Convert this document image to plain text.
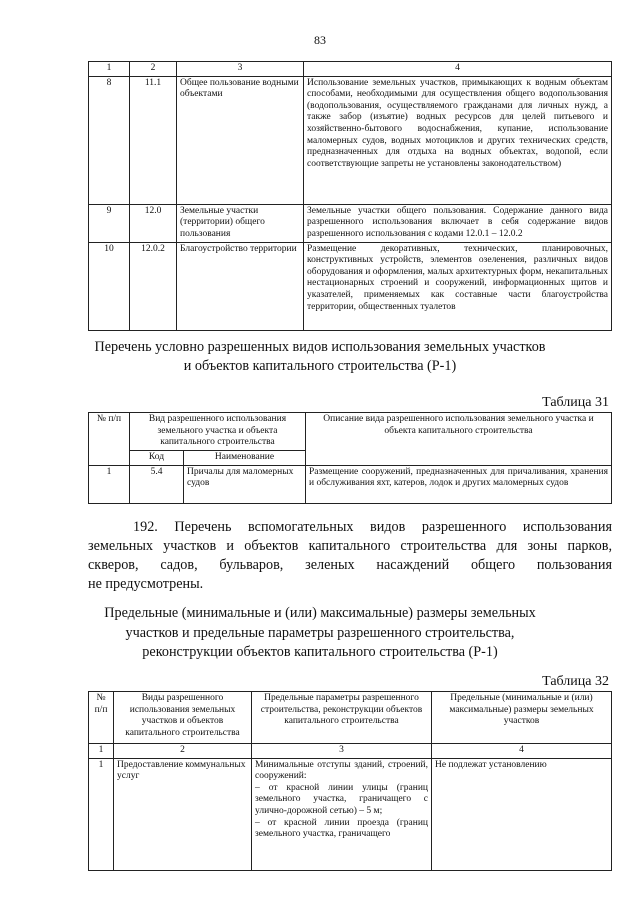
83
1	2	3	4
8	11.1	Общее пользование водными объектами	Использование земельных участков, примыкающих к водным объектам способами, необходимыми для осуществления общего водопользования (водопользования, осуществляемого гражданами для личных нужд, а также забор (изъятие) водных ресурсов для целей питьевого и хозяйственно-бытового водоснабжения, купание, использование маломерных судов, водных мотоциклов и других технических средств, предназначенных для отдыха на водных объектах, водопой, если соответствующие запреты не установлены законодательством)
9	12.0	Земельные участки (территории) общего пользования	Земельные участки общего пользования. Содержание данного вида разрешенного использования включает в себя содержание видов разрешенного использования с кодами 12.0.1 – 12.0.2
10	12.0.2	Благоустройство территории	Размещение декоративных, технических, планировочных, конструктивных устройств, элементов озеленения, различных видов оборудования и оформления, малых архитектурных форм, некапитальных нестационарных строений и сооружений, информационных щитов и указателей, применяемых как составные части благоустройства территории, общественных туалетов
Перечень условно разрешенных видов использования земельных участков
и объектов капитального строительства (Р-1)
Таблица 31
№ п/п	Вид разрешенного использования земельного участка и объекта капитального строительства		Описание вида разрешенного использования земельного участка и объекта капитального строительства
	Код	Наименование	
1	5.4	Причалы для маломерных судов	Размещение сооружений, предназначенных для причаливания, хранения и обслуживания яхт, катеров, лодок и других маломерных судов
192. Перечень вспомогательных видов разрешенного использования
земельных участков и объектов капитального строительства для зоны парков,
скверов, садов, бульваров, зеленых насаждений общего пользования
не предусмотрены.
Предельные (минимальные и (или) максимальные) размеры земельных
участков и предельные параметры разрешенного строительства,
реконструкции объектов капитального строительства (Р-1)
Таблица 32
№ п/п	Виды разрешенного использования земельных участков и объектов капитального строительства	Предельные параметры разрешенного строительства, реконструкции объектов капитального строительства	Предельные (минимальные и (или) максимальные) размеры земельных участков
1	2	3	4
1	Предоставление коммунальных услуг	Минимальные отступы зданий, строений, сооружений:
– от красной линии улицы (границ земельного участка, граничащего с улично-дорожной сетью) – 5 м;
– от красной линии проезда (границ земельного участка, граничащего	Не подлежат установлению
